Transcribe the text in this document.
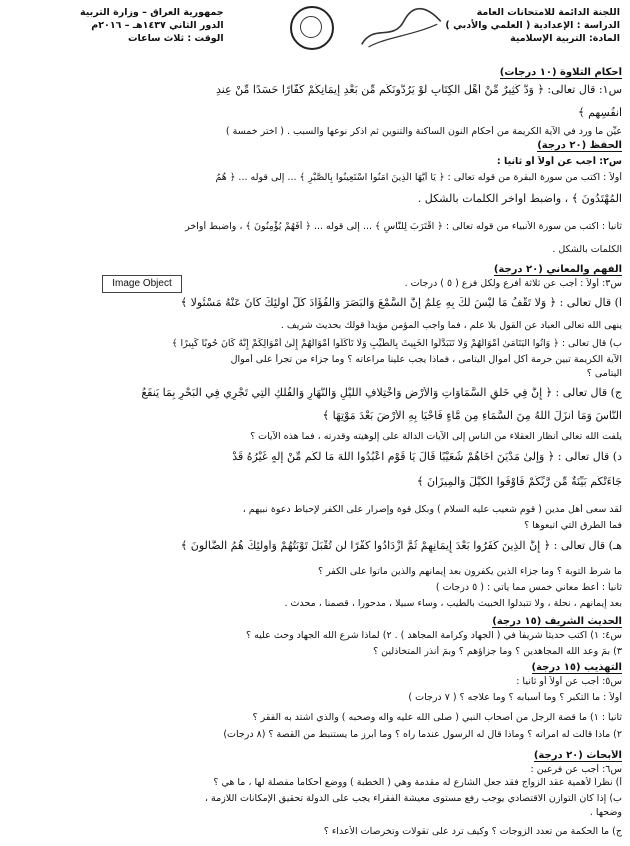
اللجنة الدائمة للامتحانات العامة
الدراسة : الإعدادية ( العلمي والأدبي )
المادة: التربية الإسلامية
جمهورية العراق – وزارة التربية
الدور الثاني ١٤٣٧هـ – ٢٠١٦م
الوقت : ثلاث ساعات
أحكام التلاوة (١٠ درجات)
س١: قال تعالى: ﴿ وَدَّ كَثِيرٌ مِّنْ أَهْلِ الْكِتَابِ لَوْ يَرُدُّونَكُم مِّن بَعْدِ إِيمَانِكُمْ كُفَّارًا حَسَدًا مِّنْ عِندِ
أَنفُسِهِم ﴾
عيِّن ما ورد في الآية الكريمة من أحكام النون الساكنة والتنوين ثم اذكر نوعها والسبب . ( اختر خمسة )
الحفظ (٢٠ درجة)
س٢: أجب عن أولاً أو ثانياً :
أولاً : اكتب من سورة البقرة من قوله تعالى : ﴿ يَا أَيُّهَا الَّذِينَ آمَنُوا اسْتَعِينُوا بِالصَّبْرِ ﴾ ... إلى قوله ... ﴿ هُمُ
الْمُهْتَدُونَ ﴾ ، واضبط أواخر الكلمات بالشكل .
ثانياً : اكتب من سورة الأنبياء من قوله تعالى : ﴿ اقْتَرَبَ لِلنَّاسِ ﴾ ... إلى قوله ... ﴿ أَفَهُمْ يُؤْمِنُونَ ﴾ ، واضبط أواخر
الكلمات بالشكل .
الفهم والمعاني (٢٠ درجة)
س٣: أولاً : أجب عن ثلاثة أفرع ولكل فرع ( ٥ ) درجات .
أ) قال تعالى : ﴿ وَلَا تَقْفُ مَا لَيْسَ لَكَ بِهِ عِلْمٌ إِنَّ السَّمْعَ وَالْبَصَرَ وَالْفُؤَادَ كُلُّ أُولَٰئِكَ كَانَ عَنْهُ مَسْئُولًا ﴾
ينهى الله تعالى العباد عن القول بلا علم ، فما واجب المؤمن مؤيداً قولك بحديث شريف .
ب) قال تعالى : ﴿ وَآتُوا الْيَتَامَىٰ أَمْوَالَهُمْ وَلَا تَتَبَدَّلُوا الْخَبِيثَ بِالطَّيِّبِ وَلَا تَأْكُلُوا أَمْوَالَهُمْ إِلَىٰ أَمْوَالِكُمْ إِنَّهُ كَانَ حُوبًا كَبِيرًا ﴾
الآية الكريمة تبين حرمة أكل أموال اليتامى ، فماذا يجب علينا مراعاته ؟ وما جزاء من تجرأ على أموال
اليتامى ؟
ج) قال تعالى : ﴿ إِنَّ فِي خَلْقِ السَّمَاوَاتِ وَالْأَرْضِ وَاخْتِلَافِ اللَّيْلِ وَالنَّهَارِ وَالْفُلْكِ الَّتِي تَجْرِي فِي الْبَحْرِ بِمَا يَنفَعُ
النَّاسَ وَمَا أَنزَلَ اللَّهُ مِنَ السَّمَاءِ مِن مَّاءٍ فَأَحْيَا بِهِ الْأَرْضَ بَعْدَ مَوْتِهَا ﴾
يلفت الله تعالى أنظار العقلاء من الناس إلى الآيات الدالة على إلوهيته وقدرته ، فما هذه الآيات ؟
د) قال تعالى : ﴿ وَإِلَىٰ مَدْيَنَ أَخَاهُمْ شُعَيْبًا قَالَ يَا قَوْمِ اعْبُدُوا اللَّهَ مَا لَكُم مِّنْ إِلَٰهٍ غَيْرُهُ قَدْ
جَاءَتْكُم بَيِّنَةٌ مِّن رَّبِّكُمْ فَأَوْفُوا الْكَيْلَ وَالْمِيزَانَ ﴾
لقد سعى أهل مدين ( قوم شعيب عليه السلام ) وبكل قوة وإصرار على الكفر لإحباط دعوة نبيهم ،
فما الطرق التي اتبعوها ؟
هـ) قال تعالى : ﴿ إِنَّ الَّذِينَ كَفَرُوا بَعْدَ إِيمَانِهِمْ ثُمَّ ازْدَادُوا كُفْرًا لَّن تُقْبَلَ تَوْبَتُهُمْ وَأُولَٰئِكَ هُمُ الضَّالُّونَ ﴾
ما شرط التوبة ؟ وما جزاء الذين يكفرون بعد إيمانهم والذين ماتوا على الكفر ؟
ثانياً : أعط معاني خمس مما يأتي : ( ٥ درجات )
بعد إيمانهم ، نحلة ، ولا تتبدلوا الخبيث بالطيب ، وساء سبيلا ، مدحورا ، قصمنا ، محدث .
الحديث الشريف (١٥ درجة)
س٤: ١) اكتب حديثاً شريفاً في ( الجهاد وكرامة المجاهد ) . ٢) لماذا شرع الله الجهاد وحث عليه ؟
٣) بمَ وعد الله المجاهدين ؟ وما جزاؤهم ؟ وبمَ أنذر المتخاذلين ؟
التهذيب (١٥ درجة)
س٥: أجب عن أولاً أو ثانياً :
أولاً : ما التكبر ؟ وما أسبابه ؟ وما علاجه ؟ ( ٧ درجات )
ثانياً : ١) ما قصة الرجل من أصحاب النبي ( صلى الله عليه وآله وصحبه ) والذي اشتد به الفقر ؟
٢) ماذا قالت له امرأته ؟ وماذا قال له الرسول عندما رآه ؟ وما أبرز ما يستنبط من القصة ؟ (٨ درجات)
الأبحاث (٢٠ درجة)
س٦: أجب عن فرعين :
أ) نظراً لأهمية عقد الزواج فقد جعل الشارع له مقدمة وهي ( الخطبة ) ووضع أحكاماً مفصلة لها ، ما هي ؟
ب) إذا كان التوازن الاقتصادي يوجب رفع مستوى معيشة الفقراء يجب على الدولة تحقيق الإمكانات اللازمة ،
وضحها .
ج) ما الحكمة من تعدد الزوجات ؟ وكيف ترد على تقولات وتخرصات الأعداء ؟
Image Object
